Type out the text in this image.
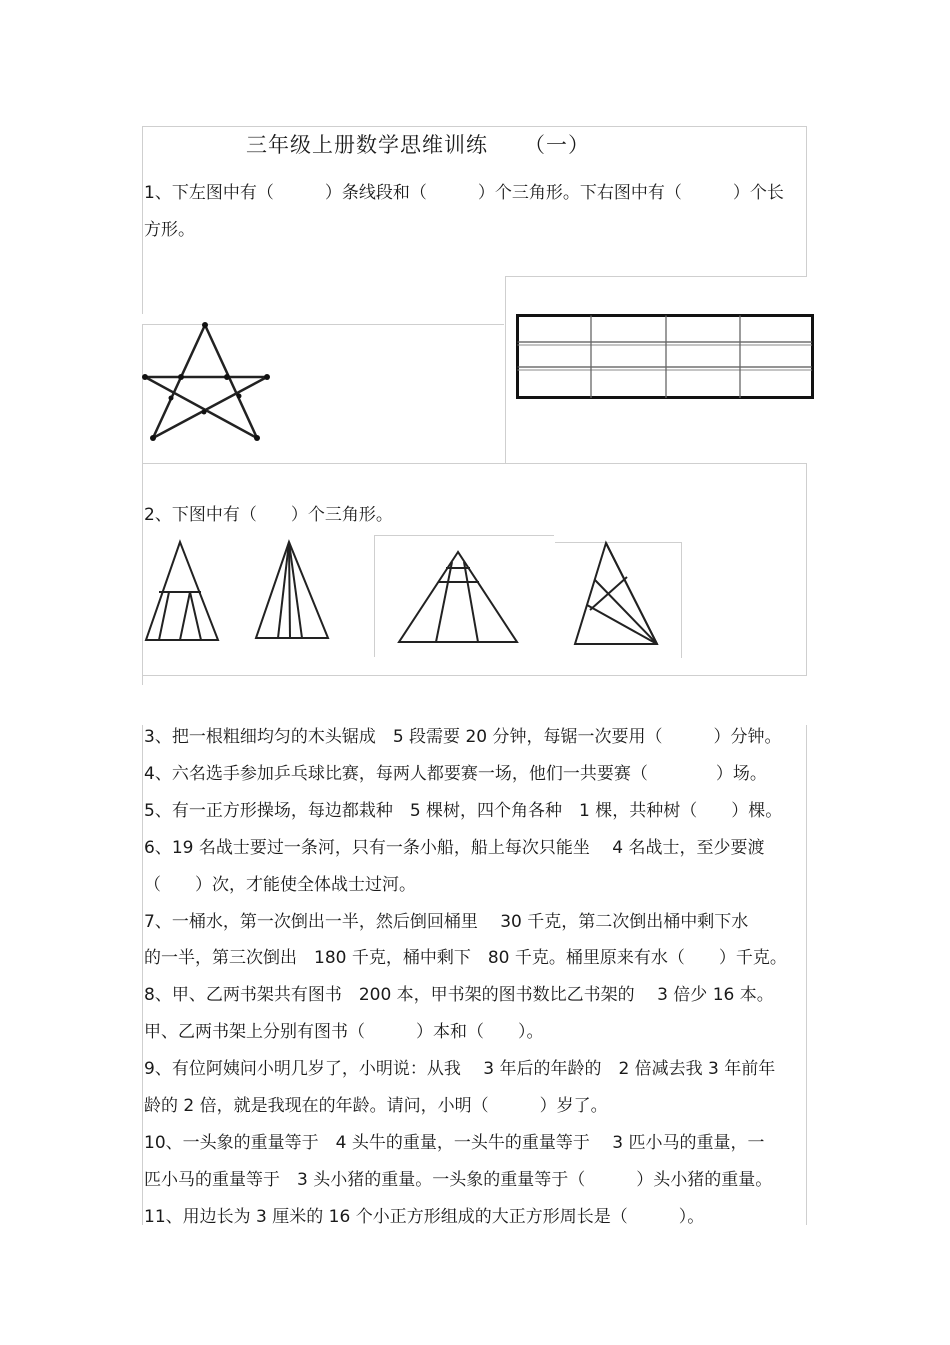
三年级上册数学思维训练 （一）
1、下左图中有（　　　）条线段和（　　　）个三角形。下右图中有（　　　）个长
方形。
2、下图中有（　　）个三角形。
3、把一根粗细均匀的木头锯成　5 段需要 20 分钟，每锯一次要用（　　　）分钟。
4、六名选手参加乒乓球比赛，每两人都要赛一场，他们一共要赛（　　　　）场。
5、有一正方形操场，每边都栽种　5 棵树，四个角各种　1 棵，共种树（　　）棵。
6、19 名战士要过一条河，只有一条小船，船上每次只能坐　 4 名战士，至少要渡
（　　）次，才能使全体战士过河。
7、一桶水，第一次倒出一半，然后倒回桶里　 30 千克，第二次倒出桶中剩下水
的一半，第三次倒出　180 千克，桶中剩下　80 千克。桶里原来有水（　　）千克。
8、甲、乙两书架共有图书　200 本，甲书架的图书数比乙书架的　 3 倍少 16 本。
甲、乙两书架上分别有图书（　　　）本和（　　）。
9、有位阿姨问小明几岁了，小明说：从我　 3 年后的年龄的　2 倍减去我 3 年前年
龄的 2 倍，就是我现在的年龄。请问，小明（　　　）岁了。
10、一头象的重量等于　4 头牛的重量，一头牛的重量等于　 3 匹小马的重量，一
匹小马的重量等于　3 头小猪的重量。一头象的重量等于（　　　）头小猪的重量。
11、用边长为 3 厘米的 16 个小正方形组成的大正方形周长是（　　　）。
